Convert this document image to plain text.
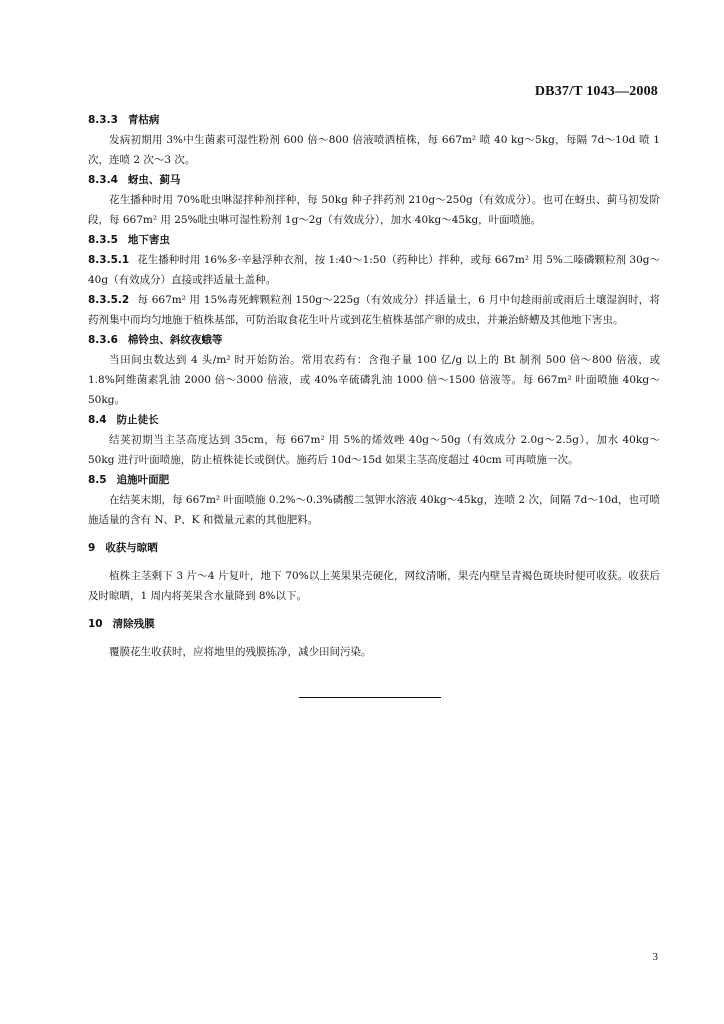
DB37/T 1043—2008
8.3.3 青枯病
发病初期用 3%中生菌素可湿性粉剂 600 倍～800 倍液喷洒植株，每 667m² 喷 40 kg～5kg，每隔 7d～10d 喷 1 次，连喷 2 次～3 次。
8.3.4 蚜虫、蓟马
花生播种时用 70%吡虫啉湿拌种剂拌种，每 50kg 种子拌药剂 210g～250g（有效成分）。也可在蚜虫、蓟马初发阶段，每 667m² 用 25%吡虫啉可湿性粉剂 1g～2g（有效成分），加水 40kg～45kg，叶面喷施。
8.3.5 地下害虫
8.3.5.1 花生播种时用 16%多·辛悬浮种衣剂，按 1:40～1:50（药种比）拌种，或每 667m² 用 5%二嗪磷颗粒剂 30g～40g（有效成分）直接或拌适量土盖种。
8.3.5.2 每 667m² 用 15%毒死蜱颗粒剂 150g～225g（有效成分）拌适量土，6 月中旬趁雨前或雨后土壤湿润时，将药剂集中而均匀地施于植株基部，可防治取食花生叶片或到花生植株基部产卵的成虫，并兼治蛴螬及其他地下害虫。
8.3.6 棉铃虫、斜纹夜蛾等
当田间虫数达到 4 头/m² 时开始防治。常用农药有：含孢子量 100 亿/g 以上的 Bt 制剂 500 倍～800 倍液，或 1.8%阿维菌素乳油 2000 倍～3000 倍液，或 40%辛硫磷乳油 1000 倍～1500 倍液等。每 667m² 叶面喷施 40kg～50kg。
8.4 防止徒长
结荚初期当主茎高度达到 35cm，每 667m² 用 5%的烯效唑 40g～50g（有效成分 2.0g～2.5g），加水 40kg～50kg 进行叶面喷施，防止植株徒长或倒伏。施药后 10d～15d 如果主茎高度超过 40cm 可再喷施一次。
8.5 追施叶面肥
在结荚末期，每 667m² 叶面喷施 0.2%～0.3%磷酸二氢钾水溶液 40kg～45kg，连喷 2 次，间隔 7d～10d，也可喷施适量的含有 N、P、K 和微量元素的其他肥料。
9 收获与晾晒
植株主茎剩下 3 片～4 片复叶，地下 70%以上荚果果壳硬化，网纹清晰，果壳内壁呈青褐色斑块时便可收获。收获后及时晾晒，1 周内将荚果含水量降到 8%以下。
10 清除残膜
覆膜花生收获时，应将地里的残膜拣净，减少田间污染。
3
